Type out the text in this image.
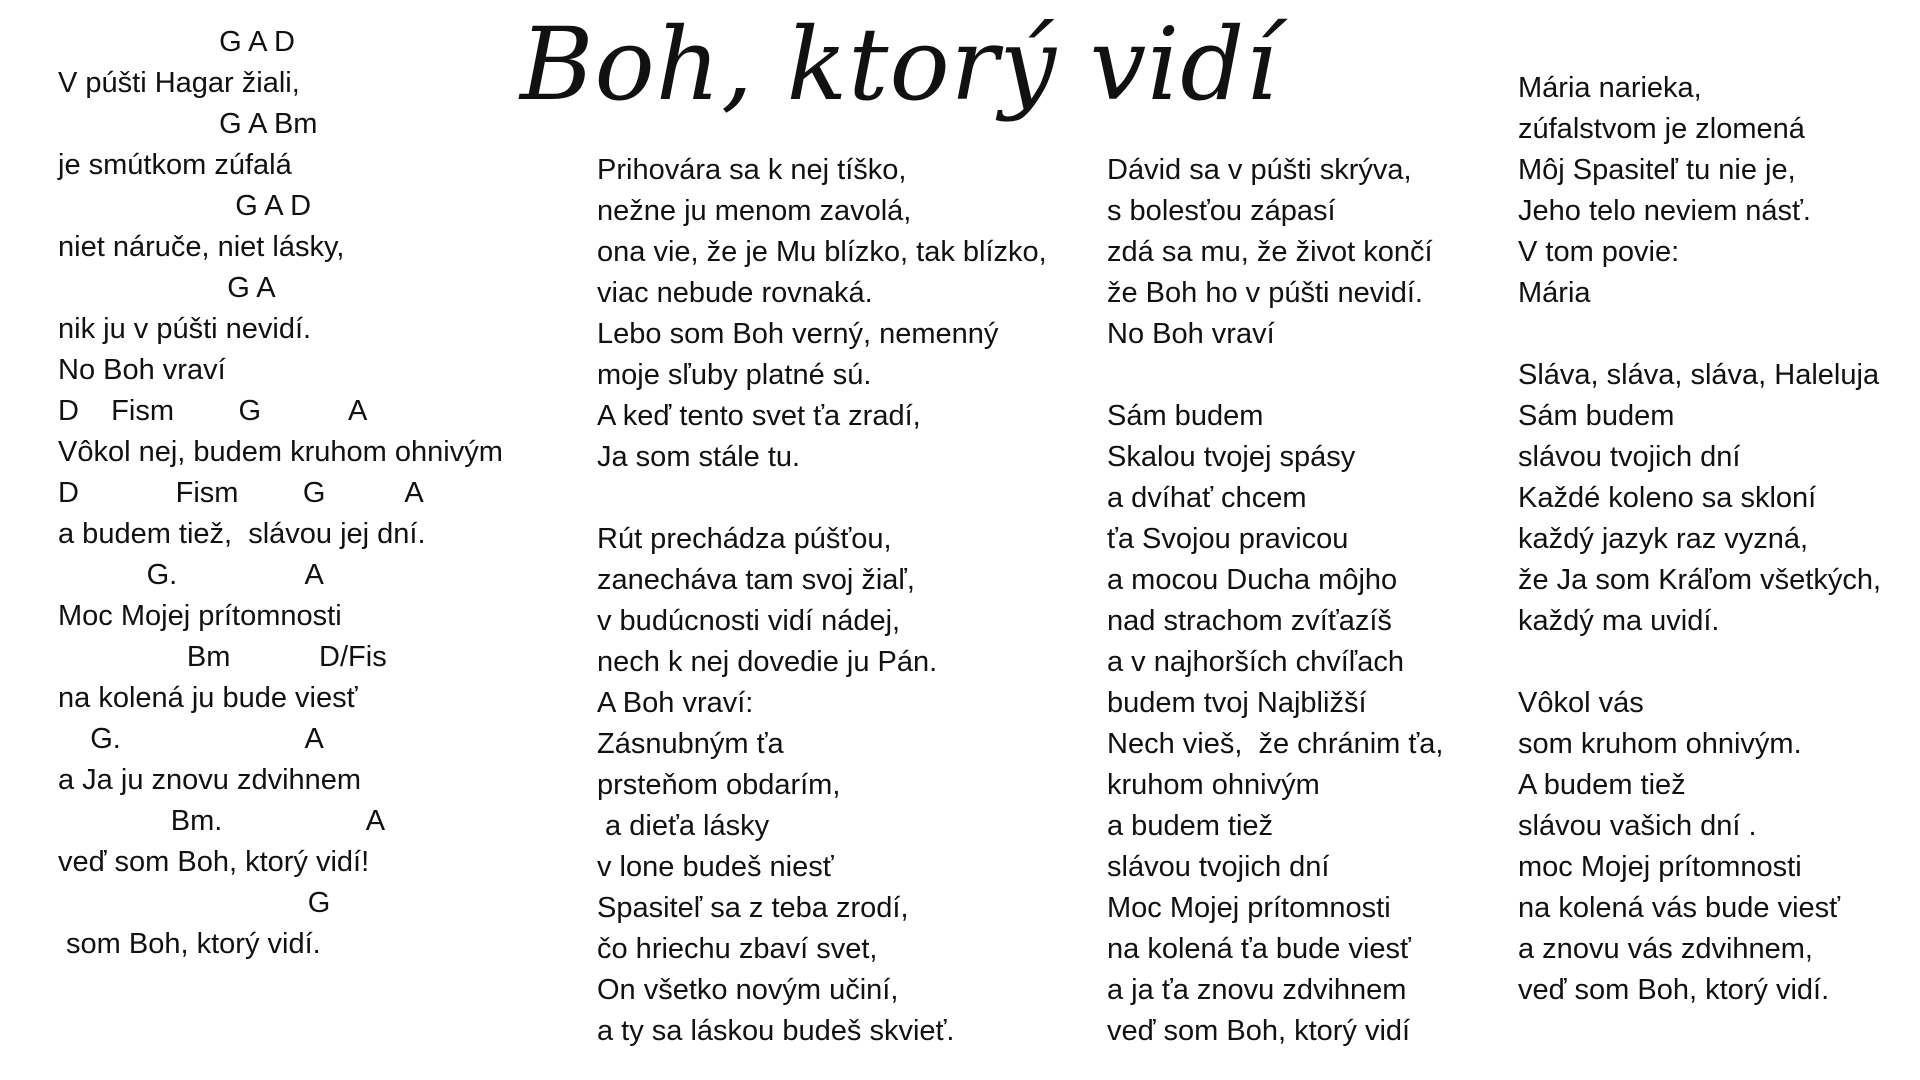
Boh, ktorý vidí
G A D
V púšti Hagar žiali,
G A Bm
je smútkom zúfalá
G A D
niet náruče, niet lásky,
G A
nik ju v púšti nevidí.
No Boh vraví
D    Fism        G           A
Vôkol nej, budem kruhom ohnivým
D            Fism        G          A
a budem tiež,  slávou jej dní.
G.                A
Moc Mojej prítomnosti
Bm           D/Fis
na kolená ju bude viesť
G.                       A
a Ja ju znovu zdvihnem
Bm.                  A
veď som Boh, ktorý vidí!
G
som Boh, ktorý vidí.
Prihovára sa k nej tíško,
nežne ju menom zavolá,
ona vie, že je Mu blízko, tak blízko,
viac nebude rovnaká.
Lebo som Boh verný, nemenný
moje sľuby platné sú.
A keď tento svet ťa zradí,
Ja som stále tu.
Rút prechádza púšťou,
zanecháva tam svoj žiaľ,
v budúcnosti vidí nádej,
nech k nej dovedie ju Pán.
A Boh vraví:
Zásnubným ťa
prsteňom obdarím,
a dieťa lásky
v lone budeš niesť
Spasiteľ sa z teba zrodí,
čo hriechu zbaví svet,
On všetko novým učiní,
a ty sa láskou budeš skvieť.
Dávid sa v púšti skrýva,
s bolesťou zápasí
zdá sa mu, že život končí
že Boh ho v púšti nevidí.
No Boh vraví
Sám budem
Skalou tvojej spásy
a dvíhať chcem
ťa Svojou pravicou
a mocou Ducha môjho
nad strachom zvíťazíš
a v najhorších chvíľach
budem tvoj Najbližší
Nech vieš,  že chránim ťa,
kruhom ohnivým
a budem tiež
slávou tvojich dní
Moc Mojej prítomnosti
na kolená ťa bude viesť
a ja ťa znovu zdvihnem
veď som Boh, ktorý vidí
Mária narieka,
zúfalstvom je zlomená
Môj Spasiteľ tu nie je,
Jeho telo neviem násť.
V tom povie:
Mária
Sláva, sláva, sláva, Haleluja
Sám budem
slávou tvojich dní
Každé koleno sa skloní
každý jazyk raz vyzná,
že Ja som Kráľom všetkých,
každý ma uvidí.
Vôkol vás
som kruhom ohnivým.
A budem tiež
slávou vašich dní .
moc Mojej prítomnosti
na kolená vás bude viesť
a znovu vás zdvihnem,
veď som Boh, ktorý vidí.
